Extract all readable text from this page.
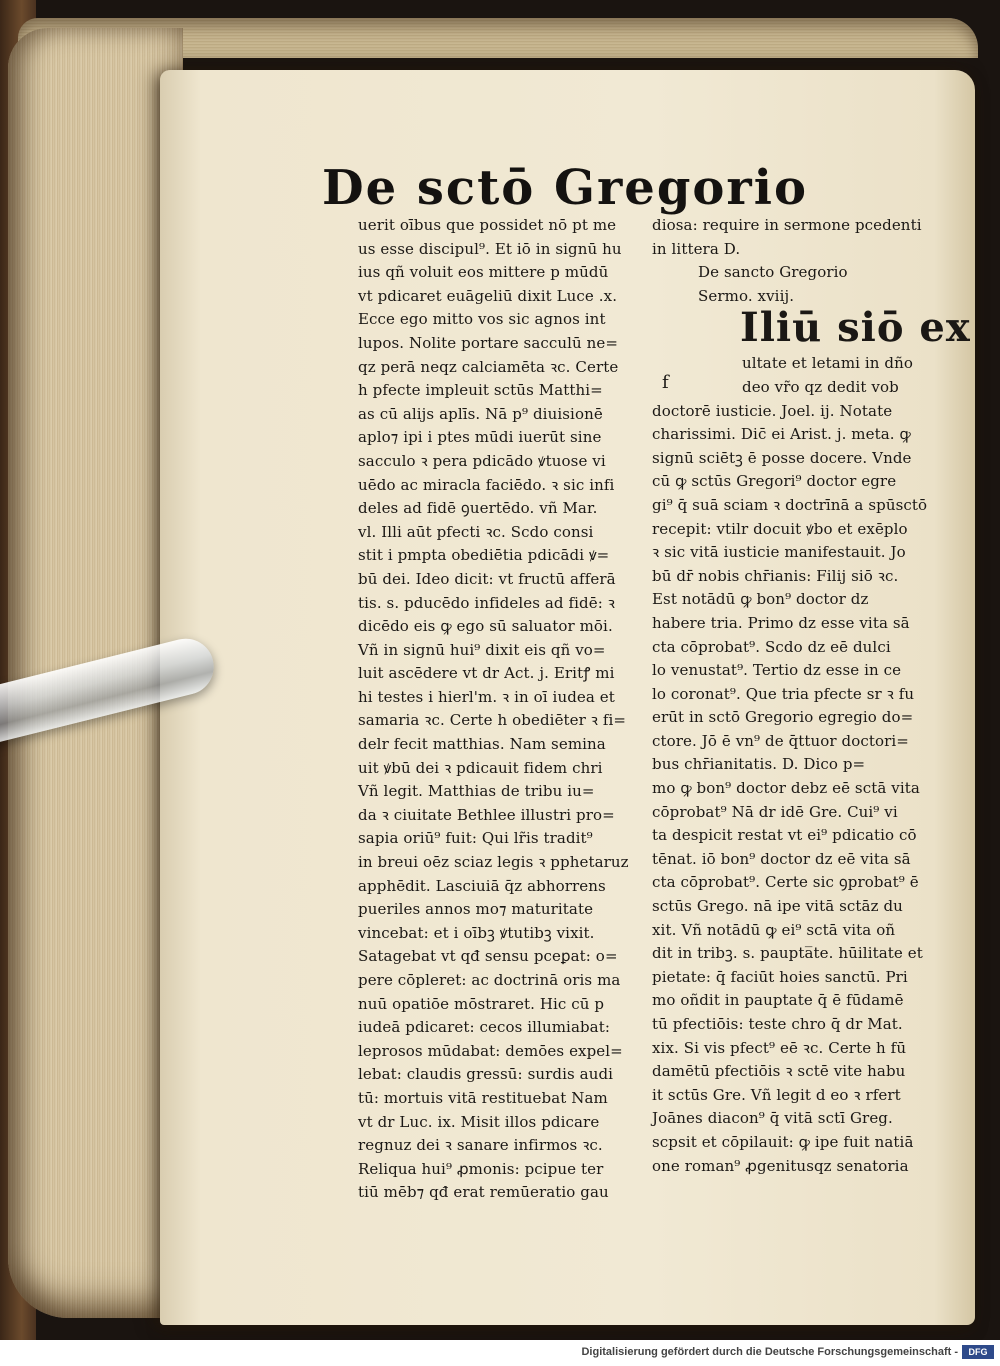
De sctō Gregorio
uerit oībus que possidet nō pt me
us esse discipul⁹. Et iō in signū hu
ius qñ voluit eos mittere p mūdū
vt pdicaret euāgeliū dixit Luce .x.
Ecce ego mitto vos sic agnos int
lupos. Nolite portare sacculū ne=
qz perā neqz calciamēta ꝛc. Certe
h pfecte impleuit sctūs Matthi=
as cū alijs aplīs. Nā p⁹ diuisionē
aplo⁊ ipi i ptes mūdi iuerūt sine
sacculo ꝛ pera pdicādo ꝟtuose vi
uēdo ac miracla faciēdo. ꝛ sic infi
deles ad fidē ꝯuertēdo. vñ Mar.
vl. Illi aūt pfecti ꝛc. Scdo consi
stit i pmpta obediētia pdicādi ꝟ=
bū dei. Ideo dicit: vt fructū afferā
tis. s. pducēdo infideles ad fidē: ꝛ
dicēdo eis ꝙ ego sū saluator mōi.
Vñ in signū hui⁹ dixit eis qñ vo=
luit ascēdere vt dr Act. j. Eritꝭ mi
hi testes i hierl'm. ꝛ in oī iudea et
samaria ꝛc. Certe h obediēter ꝛ fi=
delr fecit matthias. Nam semina
uit ꝟbū dei ꝛ pdicauit fidem chri
Vñ legit. Matthias de tribu iu=
da ꝛ ciuitate Bethlee illustri pro=
sapia oriū⁹ fuit: Qui lr̃is tradit⁹
in breui oēz sciaz legis ꝛ pphetaruz
apphēdit. Lasciuiā q̄z abhorrens
pueriles annos mo⁊ maturitate
vincebat: et i oībꝫ ꝟtutibꝫ vixit.
Satagebat vt qđ sensu pceꝑat: o=
pere cōpleret: ac doctrinā oris ma
nuū opatiōe mōstraret. Hic cū p
iudeā pdicaret: cecos illumiabat:
leprosos mūdabat: demōes expel=
lebat: claudis gressū: surdis audi
tū: mortuis vitā restituebat Nam
vt dr Luc. ix. Misit illos pdicare
regnuz dei ꝛ sanare infirmos ꝛc.
Reliqua hui⁹ ꝓmonis: pcipue ter
tiū mēb⁊ qđ erat remūeratio gau
diosa: require in sermone pcedenti
in littera D.
De sancto Gregorio
Sermo. xviij.
Iliū siō ex
ultate et letami in dño
deo vr̃o qz dedit vob
doctorē iusticie. Joel. ij. Notate
charissimi. Dic̄ ei Arist. j. meta. ꝙ
signū sciētꝫ ē posse docere. Vnde
cū ꝙ sctūs Gregori⁹ doctor egre
gi⁹ q̄ suā sciam ꝛ doctrīnā a spūsctō
recepit: vtilr docuit ꝟbo et exēplo
ꝛ sic vitā iusticie manifestauit. Jo
bū dr̄ nobis chr̄ianis: Filij siō ꝛc.
Est notādū ꝙ bon⁹ doctor dz
habere tria. Primo dz esse vita sā
cta cōprobat⁹. Scdo dz eē dulci
lo venustat⁹. Tertio dz esse in ce
lo coronat⁹. Que tria pfecte sr ꝛ fu
erūt in sctō Gregorio egregio do=
ctore. Jō ē vn⁹ de q̄ttuor doctori=
bus chr̄ianitatis. D. Dico p=
mo ꝙ bon⁹ doctor debz eē sctā vita
cōprobat⁹ Nā dr idē Gre. Cui⁹ vi
ta despicit restat vt ei⁹ pdicatio cō
tēnat. iō bon⁹ doctor dz eē vita sā
cta cōprobat⁹. Certe sic ꝯprobat⁹ ē
sctūs Grego. nā ipe vitā sctāz du
xit. Vñ notādū ꝙ ei⁹ sctā vita oñ
dit in tribꝫ. s. paupta̅te. hūilitate et
pietate: q̄ faciūt hoies sanctū. Pri
mo oñdit in pauptate q̄ ē fūdamē
tū pfectiōis: teste chro q̄ dr Mat.
xix. Si vis pfect⁹ eē ꝛc. Certe h fū
damētū pfectiōis ꝛ sctē vite habu
it sctūs Gre. Vñ legit d eo ꝛ rfert
Joānes diacon⁹ q̄ vitā sctī Greg.
scpsit et cōpilauit: ꝙ ipe fuit natiā
one roman⁹ ꝓgenitusqz senatoria
f
Digitalisierung gefördert durch die Deutsche Forschungsgemeinschaft -	DFG
